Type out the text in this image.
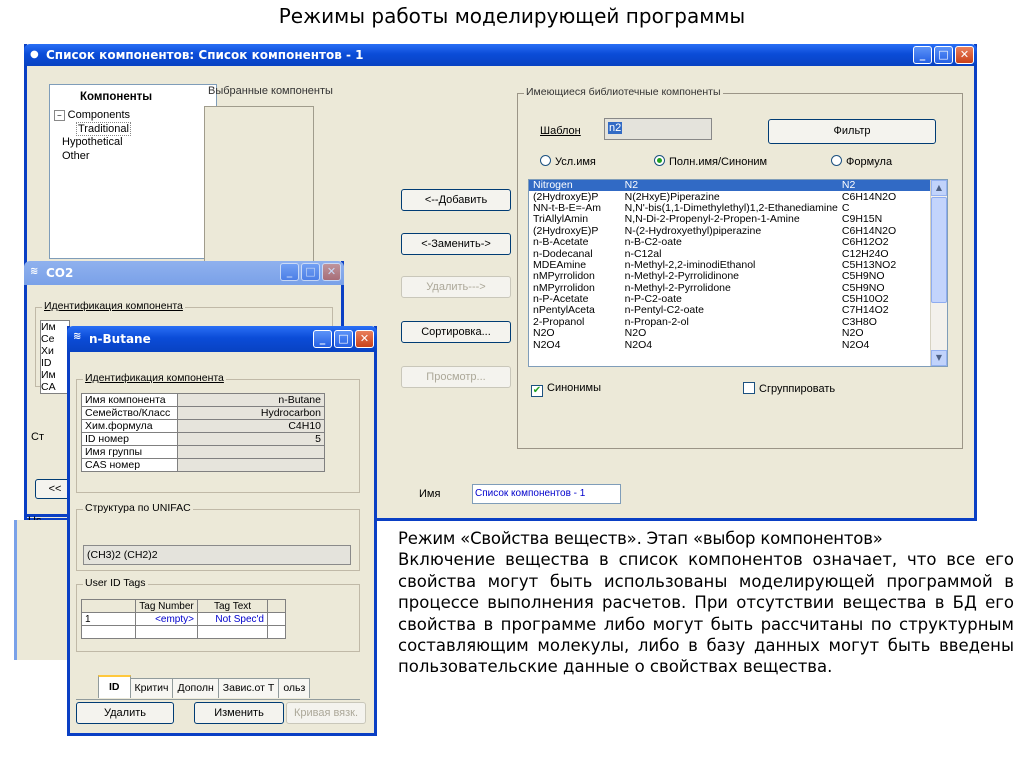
Режимы работы моделирующей программы
● Список компонентов: Список компонентов - 1	_	□	✕
Компоненты
− Components
Traditional
Hypothetical
Other
Выбранные компоненты
<--Добавить
<-Заменить->
Удалить--->
Сортировка...
Просмотр...
Имеющиеся библиотечные компоненты
Шаблон	n2	Фильтр
Усл.имя	Полн.имя/Синоним	Формула
Nitrogen	N2	N2
(2HydroxyE)P	N(2HxyE)Piperazine	C6H14N2O
NN-t-B-E=-Am	N,N'-bis(1,1-Dimethylethyl)1,2-Ethanediamine	C
TriAllylAmin	N,N-Di-2-Propenyl-2-Propen-1-Amine	C9H15N
(2HydroxyE)P	N-(2-Hydroxyethyl)piperazine	C6H14N2O
n-B-Acetate	n-B-C2-oate	C6H12O2
n-Dodecanal	n-C12al	C12H24O
MDEAmine	n-Methyl-2,2-iminodiEthanol	C5H13NO2
nMPyrrolidon	n-Methyl-2-Pyrrolidinone	C5H9NO
nMPyrrolidon	n-Methyl-2-Pyrrolidone	C5H9NO
n-P-Acetate	n-P-C2-oate	C5H10O2
nPentylAceta	n-Pentyl-C2-oate	C7H14O2
2-Propanol	n-Propan-2-ol	C3H8O
N2O	N2O	N2O
N2O4	N2O4	N2O4
▲
▼
✔ Синонимы	Сгруппировать
Имя	Список компонентов - 1
≋ CO2	_	□	✕
Идентификация компонента
Им
Се
Хи
ID
Им
CA
Ст
<<
≋ n-Butane	_	□	✕
Идентификация компонента
Имя компонента	n-Butane
Семейство/Класс	Hydrocarbon
Хим.формула	C4H10
ID номер	5
Имя группы	
CAS номер	
Структура по UNIFAC
(CH3)2 (CH2)2
User ID Tags
	Tag Number	Tag Text	
1	<empty>	Not Spec'd	

ID	Критич Дополн Завис.от Т ольз
Удалить	Изменить	Кривая вязк.
Режим «Свойства веществ». Этап «выбор компонентов»
Включение вещества в список компонентов означает, что все его свойства могут быть использованы моделирующей программой в процессе выполнения расчетов. При отсутствии вещества в БД его свойства в программе либо могут быть рассчитаны по структурным составляющим молекулы, либо в базу данных могут быть введены пользовательские данные о свойствах вещества.
